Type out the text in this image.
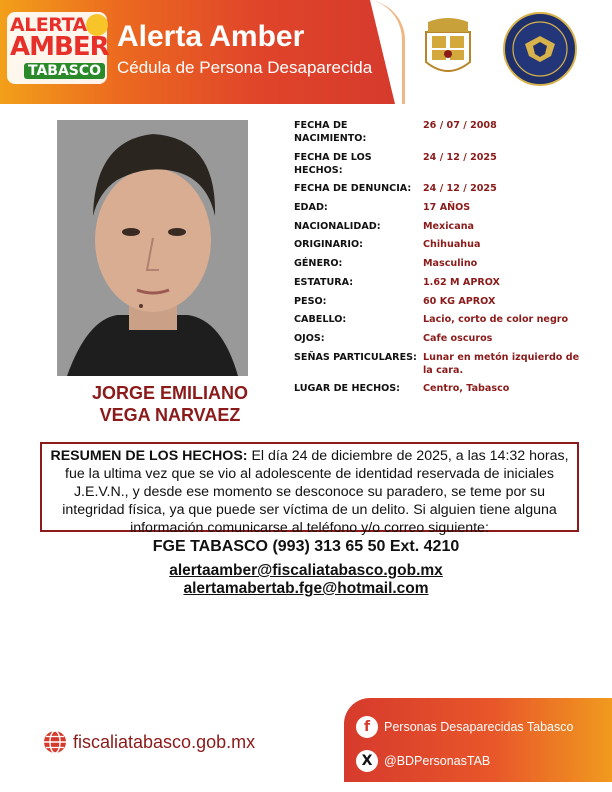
ALERTA
AMBER
TABASCO
Alerta Amber
Cédula de Persona Desaparecida
JORGE EMILIANO
VEGA NARVAEZ
FECHA DE NACIMIENTO:
26 / 07 / 2008
FECHA DE LOS HECHOS:
24 / 12 / 2025
FECHA DE DENUNCIA:	24 / 12 / 2025
EDAD:	17 AÑOS
NACIONALIDAD:	Mexicana
ORIGINARIO:	Chihuahua
GÉNERO:	Masculino
ESTATURA:	1.62 M APROX
PESO:	60 KG APROX
CABELLO:	Lacio, corto de color negro
OJOS:	Cafe oscuros
SEÑAS PARTICULARES: Lunar en metón izquierdo de la cara.
LUGAR DE HECHOS:	Centro, Tabasco
RESUMEN DE LOS HECHOS: El día 24 de diciembre de 2025, a las 14:32 horas, fue la ultima vez que se vio al adolescente de identidad reservada de iniciales J.E.V.N., y desde ese momento se desconoce su paradero, se teme por su integridad física, ya que puede ser víctima de un delito. Si alguien tiene alguna información comunicarse al teléfono y/o correo siguiente:
FGE TABASCO (993) 313 65 50 Ext. 4210
alertaamber@fiscaliatabasco.gob.mx
alertamabertab.fge@hotmail.com
fiscaliatabasco.gob.mx
f	Personas Desaparecidas Tabasco
X @BDPersonasTAB
